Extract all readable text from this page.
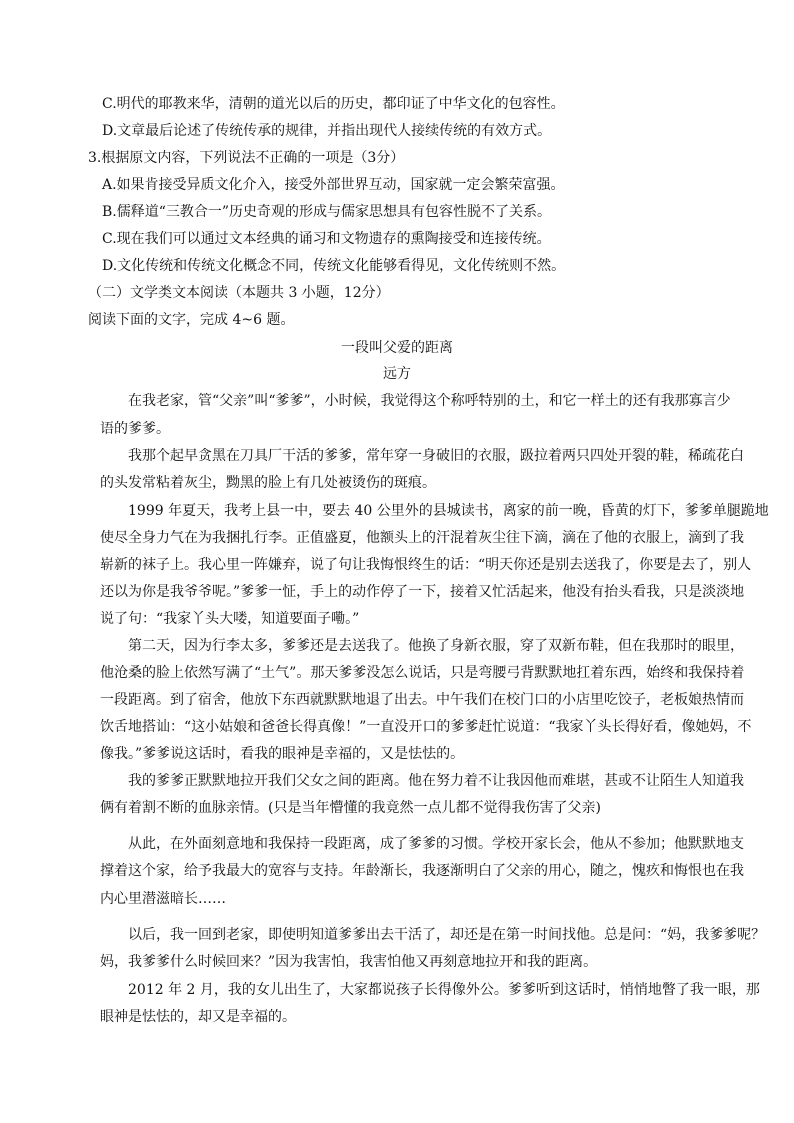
C.明代的耶教来华，清朝的道光以后的历史，都印证了中华文化的包容性。
D.文章最后论述了传统传承的规律，并指出现代人接续传统的有效方式。
3.根据原文内容，下列说法不正确的一项是（3分）
A.如果肯接受异质文化介入，接受外部世界互动，国家就一定会繁荣富强。
B.儒释道“三教合一”历史奇观的形成与儒家思想具有包容性脱不了关系。
C.现在我们可以通过文本经典的诵习和文物遗存的熏陶接受和连接传统。
D.文化传统和传统文化概念不同，传统文化能够看得见，文化传统则不然。
（二）文学类文本阅读（本题共 3 小题，12分）
阅读下面的文字，完成 4~6 题。
一段叫父爱的距离
远方
在我老家，管“父亲”叫“爹爹”，小时候，我觉得这个称呼特别的土，和它一样土的还有我那寡言少
语的爹爹。
我那个起早贪黑在刀具厂干活的爹爹，常年穿一身破旧的衣服，趿拉着两只四处开裂的鞋，稀疏花白
的头发常粘着灰尘，黝黑的脸上有几处被烫伤的斑痕。
1999 年夏天，我考上县一中，要去 40 公里外的县城读书，离家的前一晚，昏黄的灯下，爹爹单腿跪地
使尽全身力气在为我捆扎行李。正值盛夏，他额头上的汗混着灰尘往下滴，滴在了他的衣服上，滴到了我
崭新的袜子上。我心里一阵嫌弃，说了句让我悔恨终生的话：“明天你还是别去送我了，你要是去了，别人
还以为你是我爷爷呢。”爹爹一怔，手上的动作停了一下，接着又忙活起来，他没有抬头看我，只是淡淡地
说了句：“我家丫头大喽，知道要面子嘞。”
第二天，因为行李太多，爹爹还是去送我了。他换了身新衣服，穿了双新布鞋，但在我那时的眼里，
他沧桑的脸上依然写满了“土气”。那天爹爹没怎么说话，只是弯腰弓背默默地扛着东西，始终和我保持着
一段距离。到了宿舍，他放下东西就默默地退了出去。中午我们在校门口的小店里吃饺子，老板娘热情而
饮舌地搭讪：“这小姑娘和爸爸长得真像！”一直没开口的爹爹赶忙说道：“我家丫头长得好看，像她妈，不
像我。”爹爹说这话时，看我的眼神是幸福的，又是怯怯的。
我的爹爹正默默地拉开我们父女之间的距离。他在努力着不让我因他而难堪，甚或不让陌生人知道我
俩有着割不断的血脉亲情。(只是当年懵懂的我竟然一点儿都不觉得我伤害了父亲)
从此，在外面刻意地和我保持一段距离，成了爹爹的习惯。学校开家长会，他从不参加；他默默地支
撑着这个家，给予我最大的宽容与支持。年龄渐长，我逐渐明白了父亲的用心，随之，愧疚和悔恨也在我
内心里潜滋暗长……
以后，我一回到老家，即使明知道爹爹出去干活了，却还是在第一时间找他。总是问：“妈，我爹爹呢？
妈，我爹爹什么时候回来？”因为我害怕，我害怕他又再刻意地拉开和我的距离。
2012 年 2 月，我的女儿出生了，大家都说孩子长得像外公。爹爹听到这话时，悄悄地瞥了我一眼，那
眼神是怯怯的，却又是幸福的。
